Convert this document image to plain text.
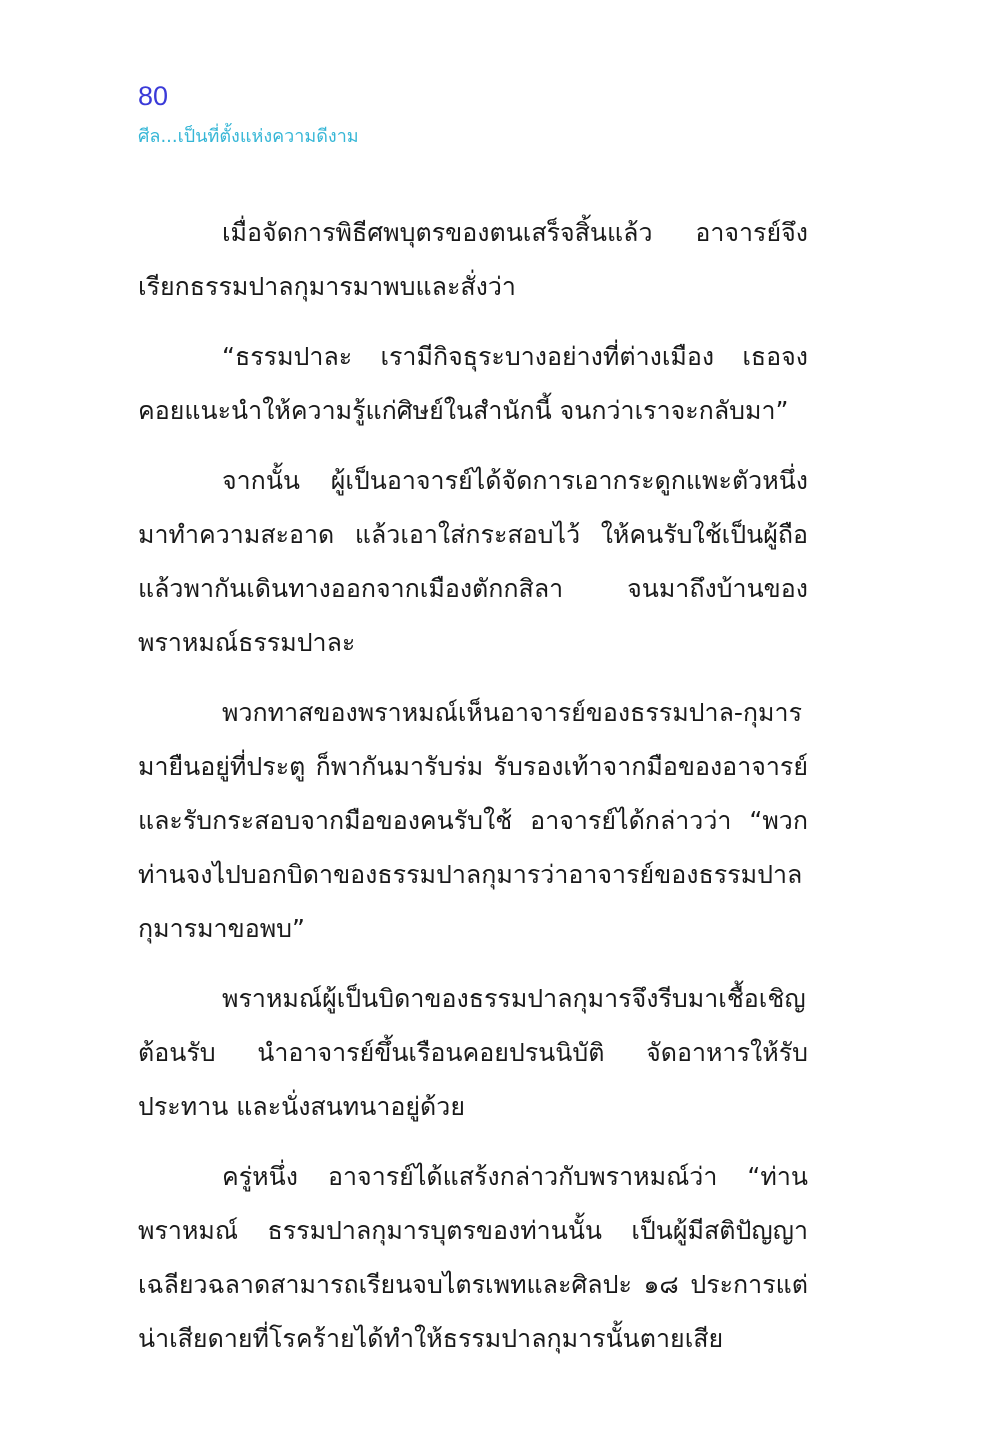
80
ศีล...เป็นที่ตั้งแห่งความดีงาม

เมื่อจัดการพิธีศพบุตรของตนเสร็จสิ้นแล้ว อาจารย์จึงเรียกธรรมปาลกุมารมาพบและสั่งว่า

“ธรรมปาละ เรามีกิจธุระบางอย่างที่ต่างเมือง เธอจงคอยแนะนำให้ความรู้แก่ศิษย์ในสำนักนี้ จนกว่าเราจะกลับมา”

จากนั้น ผู้เป็นอาจารย์ได้จัดการเอากระดูกแพะตัวหนึ่งมาทำความสะอาด แล้วเอาใส่กระสอบไว้ ให้คนรับใช้เป็นผู้ถือแล้วพากันเดินทางออกจากเมืองตักกสิลา จนมาถึงบ้านของพราหมณ์ธรรมปาละ

พวกทาสของพราหมณ์เห็นอาจารย์ของธรรมปาล-กุมารมายืนอยู่ที่ประตู ก็พากันมารับร่ม รับรองเท้าจากมือของอาจารย์ และรับกระสอบจากมือของคนรับใช้ อาจารย์ได้กล่าวว่า “พวกท่านจงไปบอกบิดาของธรรมปาลกุมารว่าอาจารย์ของธรรมปาลกุมารมาขอพบ”

พราหมณ์ผู้เป็นบิดาของธรรมปาลกุมารจึงรีบมาเชื้อเชิญต้อนรับ นำอาจารย์ขึ้นเรือนคอยปรนนิบัติ จัดอาหารให้รับประทาน และนั่งสนทนาอยู่ด้วย

ครู่หนึ่ง อาจารย์ได้แสร้งกล่าวกับพราหมณ์ว่า “ท่านพราหมณ์ ธรรมปาลกุมารบุตรของท่านนั้น เป็นผู้มีสติปัญญาเฉลียวฉลาดสามารถเรียนจบไตรเพทและศิลปะ ๑๘ ประการแต่น่าเสียดายที่โรคร้ายได้ทำให้ธรรมปาลกุมารนั้นตายเสีย
